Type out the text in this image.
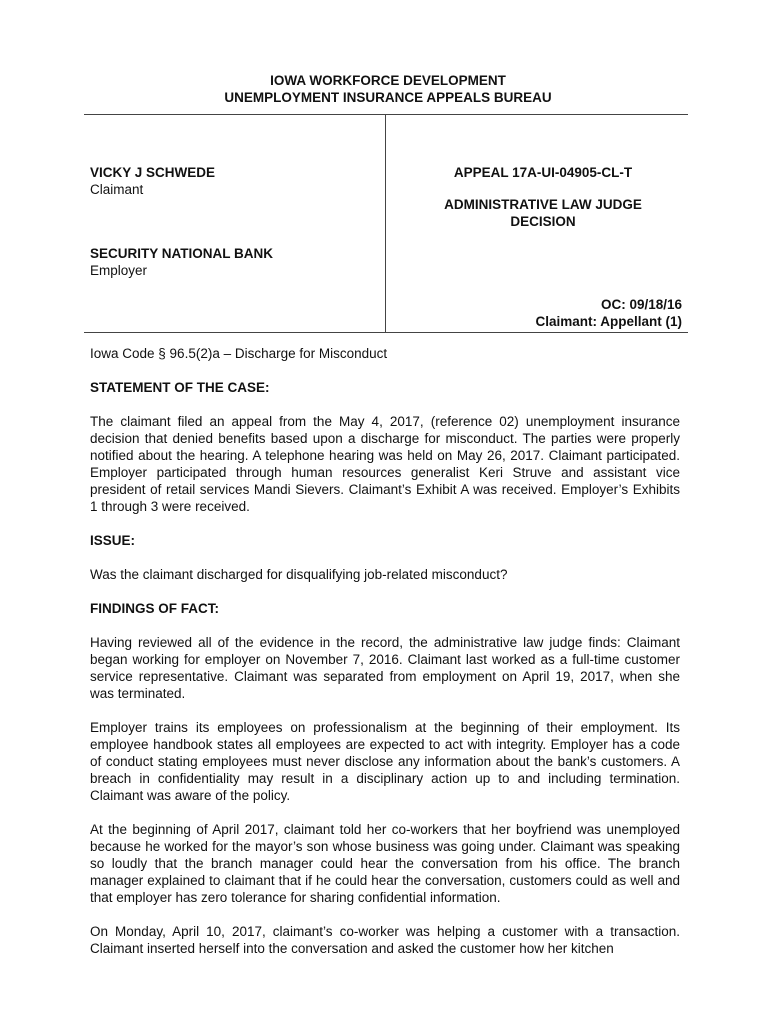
IOWA WORKFORCE DEVELOPMENT
UNEMPLOYMENT INSURANCE APPEALS BUREAU
VICKY J SCHWEDE
Claimant
SECURITY NATIONAL BANK
Employer
APPEAL 17A-UI-04905-CL-T
ADMINISTRATIVE LAW JUDGE
DECISION
OC: 09/18/16
Claimant: Appellant (1)

Iowa Code § 96.5(2)a – Discharge for Misconduct

STATEMENT OF THE CASE:

The claimant filed an appeal from the May 4, 2017, (reference 02) unemployment insurance decision that denied benefits based upon a discharge for misconduct. The parties were properly notified about the hearing. A telephone hearing was held on May 26, 2017. Claimant participated. Employer participated through human resources generalist Keri Struve and assistant vice president of retail services Mandi Sievers. Claimant’s Exhibit A was received. Employer’s Exhibits 1 through 3 were received.

ISSUE:

Was the claimant discharged for disqualifying job-related misconduct?

FINDINGS OF FACT:

Having reviewed all of the evidence in the record, the administrative law judge finds: Claimant began working for employer on November 7, 2016. Claimant last worked as a full-time customer service representative. Claimant was separated from employment on April 19, 2017, when she was terminated.

Employer trains its employees on professionalism at the beginning of their employment. Its employee handbook states all employees are expected to act with integrity. Employer has a code of conduct stating employees must never disclose any information about the bank’s customers. A breach in confidentiality may result in a disciplinary action up to and including termination. Claimant was aware of the policy.

At the beginning of April 2017, claimant told her co-workers that her boyfriend was unemployed because he worked for the mayor’s son whose business was going under. Claimant was speaking so loudly that the branch manager could hear the conversation from his office. The branch manager explained to claimant that if he could hear the conversation, customers could as well and that employer has zero tolerance for sharing confidential information.

On Monday, April 10, 2017, claimant’s co-worker was helping a customer with a transaction. Claimant inserted herself into the conversation and asked the customer how her kitchen
